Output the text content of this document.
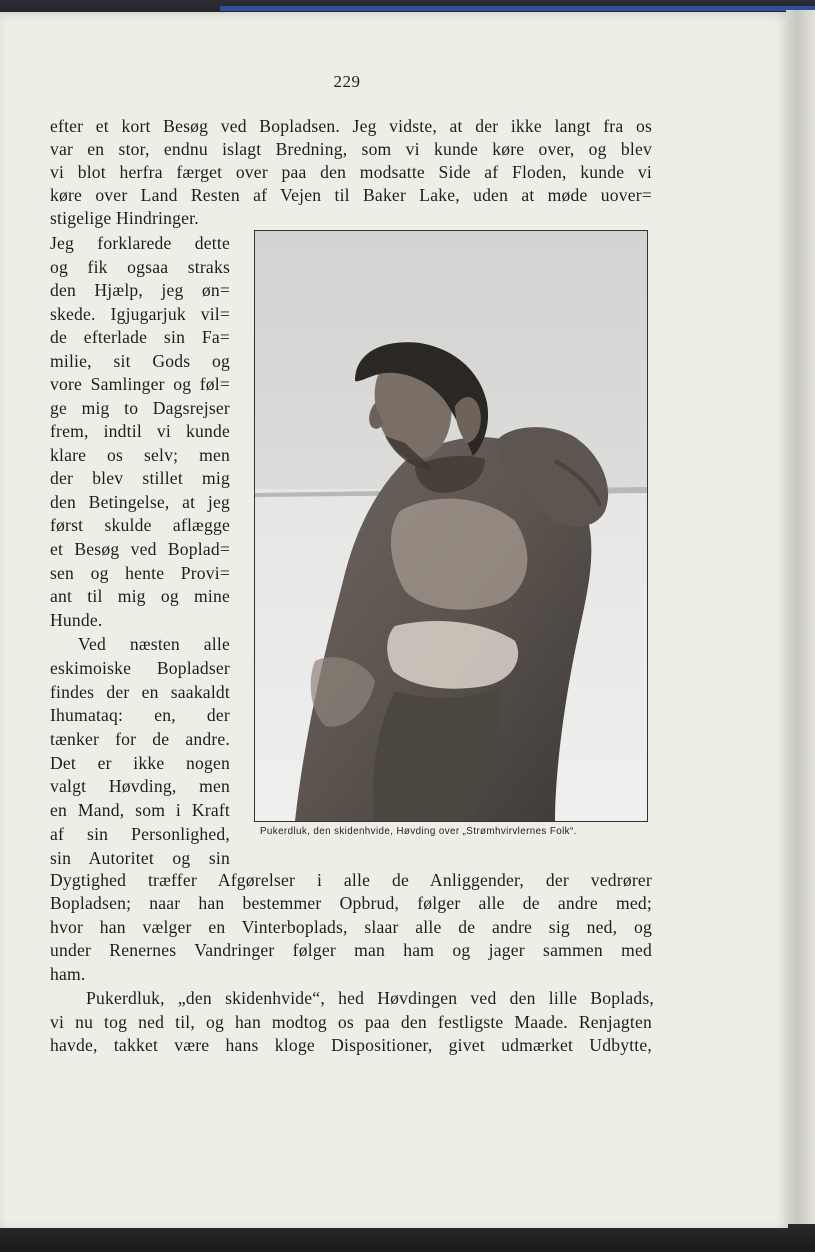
229
efter et kort Besøg ved Bopladsen. Jeg vidste, at der ikke langt fra os
var en stor, endnu islagt Bredning, som vi kunde køre over, og blev
vi blot herfra færget over paa den modsatte Side af Floden, kunde vi
køre over Land Resten af Vejen til Baker Lake, uden at møde uover=
stigelige Hindringer.
Jeg forklarede dette
og fik ogsaa straks
den Hjælp, jeg øn=
skede. Igjugarjuk vil=
de efterlade sin Fa=
milie, sit Gods og
vore Samlinger og føl=
ge mig to Dagsrejser
frem, indtil vi kunde
klare os selv; men
der blev stillet mig
den Betingelse, at jeg
først skulde aflægge
et Besøg ved Boplad=
sen og hente Provi=
ant til mig og mine
Hunde.
Ved næsten alle
eskimoiske Bopladser
findes der en saakaldt
Ihumataq: en, der
tænker for de andre.
Det er ikke nogen
valgt Høvding, men
en Mand, som i Kraft
af sin Personlighed,
sin Autoritet og sin
Dygtighed træffer Afgørelser i alle de Anliggender, der vedrører
Bopladsen; naar han bestemmer Opbrud, følger alle de andre med;
hvor han vælger en Vinterboplads, slaar alle de andre sig ned, og
under Renernes Vandringer følger man ham og jager sammen med
ham.
Pukerdluk, „den skidenhvide“, hed Høvdingen ved den lille Boplads,
vi nu tog ned til, og han modtog os paa den festligste Maade. Renjagten
havde, takket være hans kloge Dispositioner, givet udmærket Udbytte,
Pukerdluk, den skidenhvide, Høvding over „Strømhvirvlernes Folk“.
